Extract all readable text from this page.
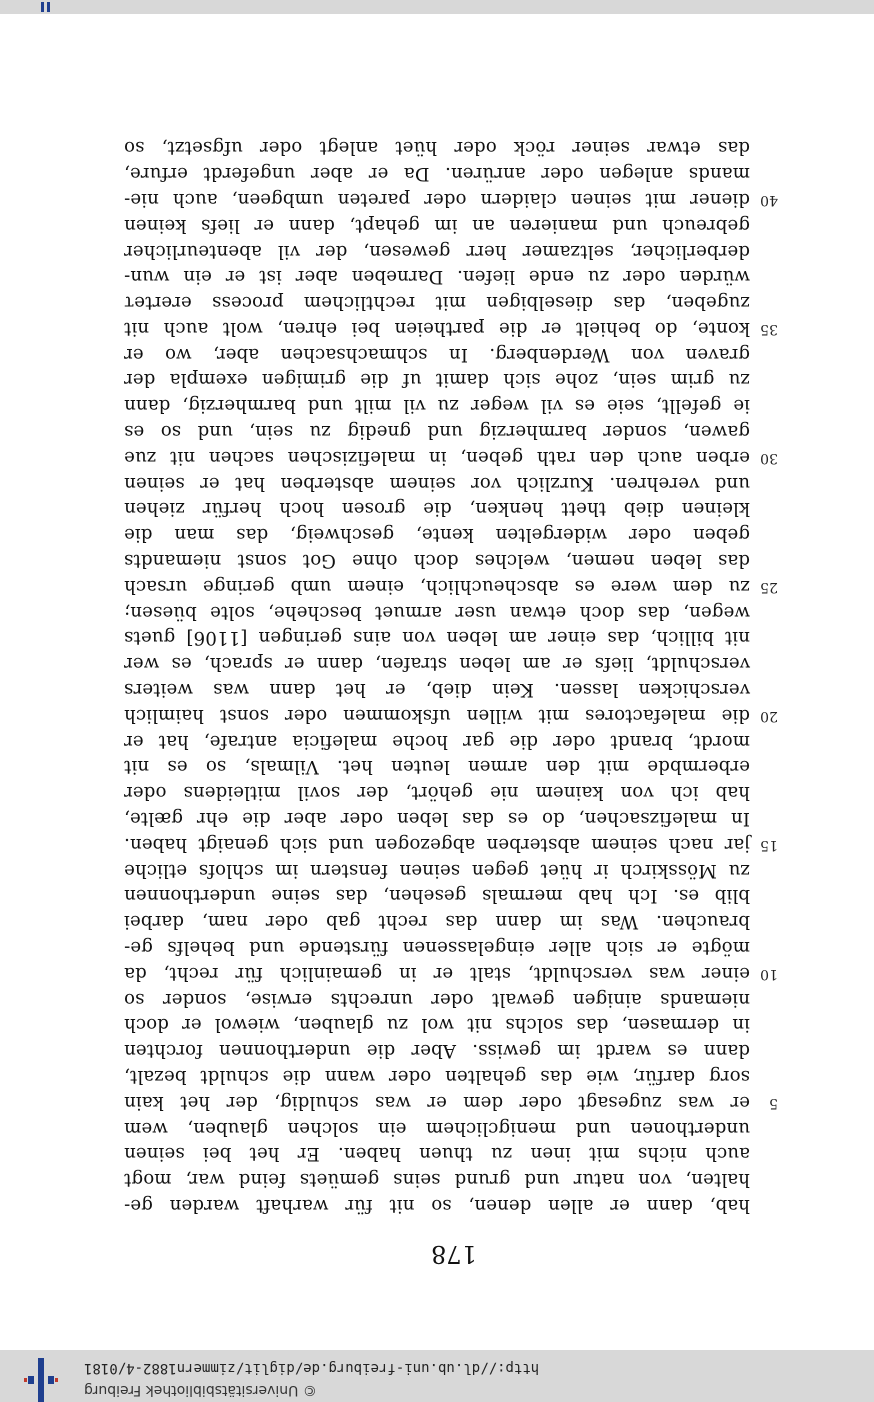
© Universitätsbibliothek Freiburg
http://dl.ub.uni-freiburg.de/diglit/zimmern1882-4/0181
178
hab, dann er allen denen, so nit für warhaft warden ge-
halten, von natur und grund seins gemüets feind war, mogt
auch nichs mit inen zu thuen haben. Er het bei seinen
underthonen und menigclichem ein solchen glauben, wem
5
er was zugesagt oder dem er was schuldig, der het kain
sorg darfür, wie das gehalten oder wann die schuldt bezalt,
dann es wardt im gewiss. Aber die underthonnen forchten
in dermasen, das solchs nit wol zu glauben, wiewol er doch
niemands ainigen gewalt oder unrechts erwise, sonder so
10
einer was verschuldt, stalt er in gemainlich für recht, da
mögte er sich aller eingelassenen fürstende und behelfs ge-
brauchen. Was im dann das recht gab oder nam, darbei
blib es. Ich hab mermals gesehen, das seine underthonnen
zu Mösskirch ir hüet gegen seinen fenstern im schlofs etliche
15
jar nach seinem absterben abgezogen und sich genaigt haben.
In malefizsachen, do es das leben oder aber die ehr gælte,
hab ich von kainem nie gehört, der sovil mitleidens oder
erbermbde mit den armen leuten het. Vilmals, so es nit
mordt, brandt oder die gar hoche maleficia antrafe, hat er
20
die malefactores mit willen ufskommen oder sonst haimlich
verschicken lassen. Kein dieb, er het dann was weiters
verschuldt, liefs er am leben strafen, dann er sprach, es wer
nit billich, das einer am leben von ains geringen [1106] guets
wegen, das doch etwan user armuet beschehe, solte büesen;
25
zu dem were es abscheuchlich, einem umb geringe ursach
das leben nemen, welches doch ohne Got sonst niemandts
geben oder widergelten kente, geschweig, das man die
kleinen dieb thett henken, die grosen hoch herfür ziehen
und verehren. Kurzlich vor seinem absterben hat er seinen
30
erben auch den rath geben, in malefizischen sachen nit zue
gawen, sonder barmherzig und gnedig zu sein, und so es
ie gefellt, seie es vil weger zu vil milt und barmherzig, dann
zu grim sein, zohe sich damit uf die grimigen exempla der
graven von Werdenberg. In schmachsachen aber, wo er
35
konte, do behielt er die partheien bei ehren, wolt auch nit
zugeben, das dieselbigen mit rechtlichem process ererteτ
würden oder zu ende liefen. Darneben aber ist er ein wun-
derberlicher, seltzamer herr gewesen, der vil abenteurlicher
gebreuch und manieren an im gehapt, dann er liefs keinen
40
diener mit seinen claidern oder pareten umbgeen, auch nie-
mands anlegen oder anrüren. Da er aber ungeferdt erfure,
das etwar seiner röck oder hüet anlegt oder ufgsetzt, so
